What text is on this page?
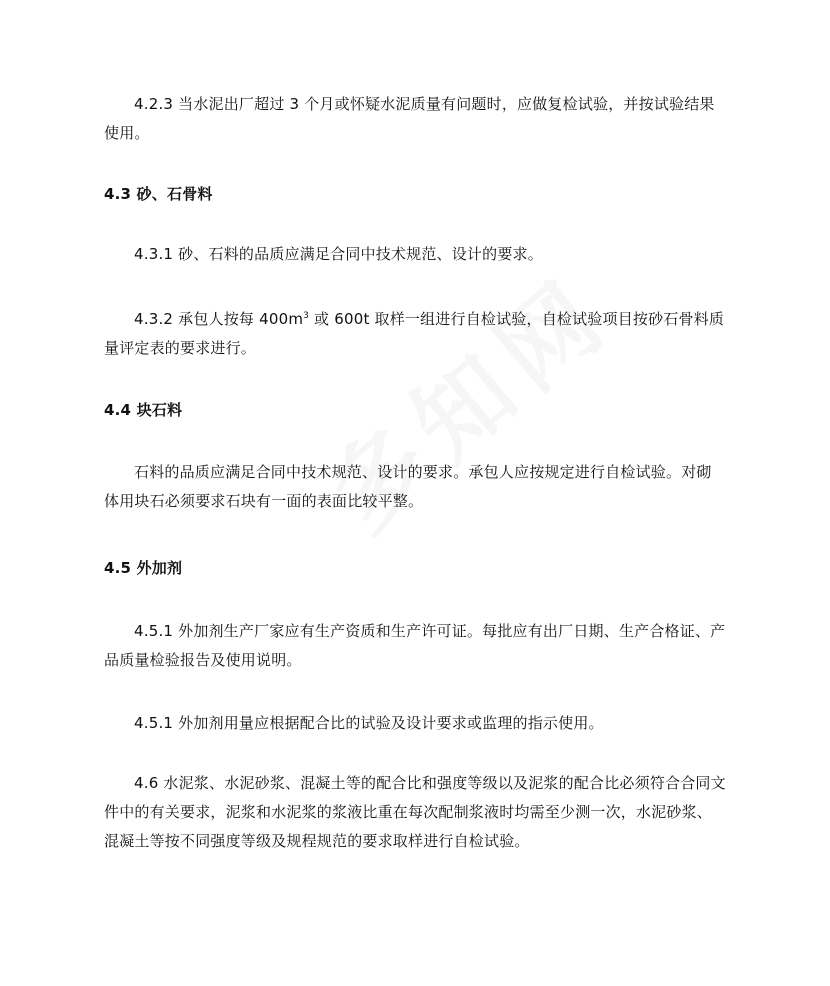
4.2.3 当水泥出厂超过 3 个月或怀疑水泥质量有问题时，应做复检试验，并按试验结果使用。

4.3 砂、石骨料

4.3.1 砂、石料的品质应满足合同中技术规范、设计的要求。

4.3.2 承包人按每 $400m^3$ 或 600t 取样一组进行自检试验，自检试验项目按砂石骨料质量评定表的要求进行。

4.4 块石料

石料的品质应满足合同中技术规范、设计的要求。承包人应按规定进行自检试验。对砌体用块石必须要求石块有一面的表面比较平整。

4.5 外加剂

4.5.1 外加剂生产厂家应有生产资质和生产许可证。每批应有出厂日期、生产合格证、产品质量检验报告及使用说明。

4.5.1 外加剂用量应根据配合比的试验及设计要求或监理的指示使用。

4.6 水泥浆、水泥砂浆、混凝土等的配合比和强度等级以及泥浆的配合比必须符合合同文件中的有关要求，泥浆和水泥浆的浆液比重在每次配制浆液时均需至少测一次，水泥砂浆、混凝土等按不同强度等级及规程规范的要求取样进行自检试验。
